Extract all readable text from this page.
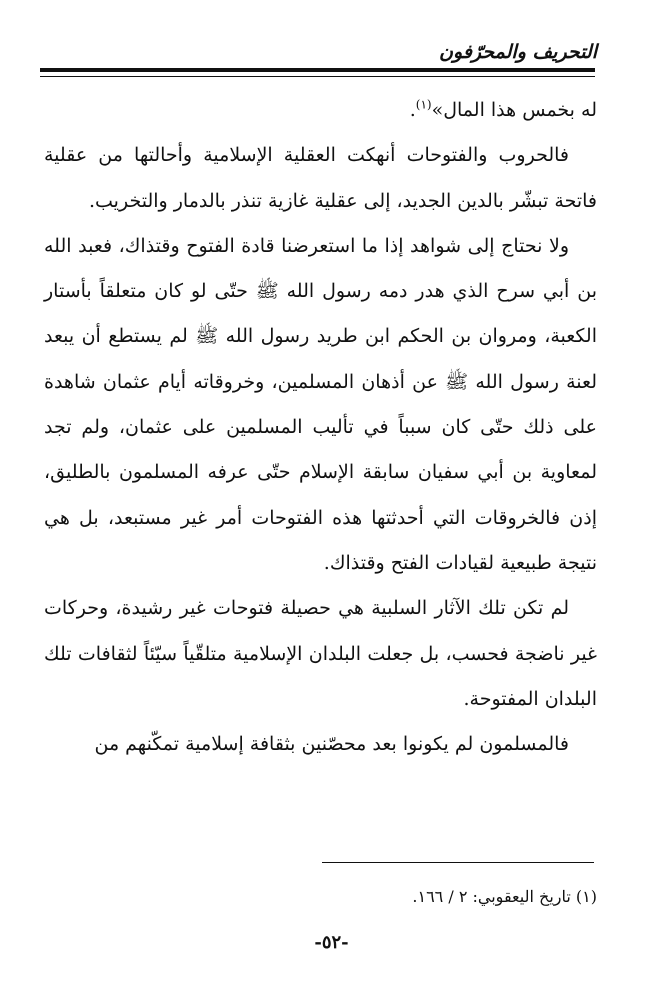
التحريف والمحرّفون

له بخمس هذا المال»$^{(١)}$.

فالحروب والفتوحات أنهكت العقلية الإسلامية وأحالتها من عقلية فاتحة تبشّر بالدين الجديد، إلى عقلية غازية تنذر بالدمار والتخريب.

ولا نحتاج إلى شواهد إذا ما استعرضنا قادة الفتوح وقتذاك، فعبد الله بن أبي سرح الذي هدر دمه رسول الله ﷺ حتّى لو كان متعلقاً بأستار الكعبة، ومروان بن الحكم ابن طريد رسول الله ﷺ لم يستطع أن يبعد لعنة رسول الله ﷺ عن أذهان المسلمين، وخروقاته أيام عثمان شاهدة على ذلك حتّى كان سبباً في تأليب المسلمين على عثمان، ولم تجد لمعاوية بن أبي سفيان سابقة الإسلام حتّى عرفه المسلمون بالطليق، إذن فالخروقات التي أحدثتها هذه الفتوحات أمر غير مستبعد، بل هي نتيجة طبيعية لقيادات الفتح وقتذاك.

لم تكن تلك الآثار السلبية هي حصيلة فتوحات غير رشيدة، وحركات غير ناضجة فحسب، بل جعلت البلدان الإسلامية متلقّياً سيّئاً لثقافات تلك البلدان المفتوحة.

فالمسلمون لم يكونوا بعد محصّنين بثقافة إسلامية تمكّنهم من

(١) تاريخ اليعقوبي: ٢ / ١٦٦.
-٥٢-
